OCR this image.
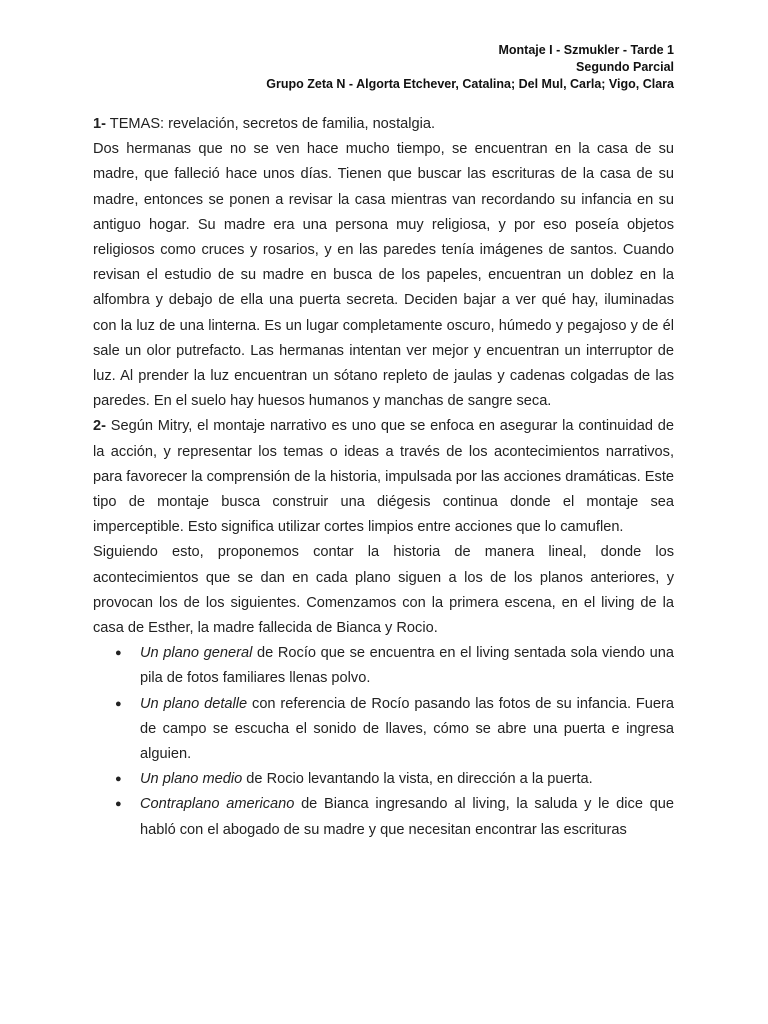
Montaje I - Szmukler - Tarde 1
Segundo Parcial
Grupo Zeta N - Algorta Etchever, Catalina; Del Mul, Carla; Vigo, Clara

1- TEMAS: revelación, secretos de familia, nostalgia.

Dos hermanas que no se ven hace mucho tiempo, se encuentran en la casa de su madre, que falleció hace unos días. Tienen que buscar las escrituras de la casa de su madre, entonces se ponen a revisar la casa mientras van recordando su infancia en su antiguo hogar. Su madre era una persona muy religiosa, y por eso poseía objetos religiosos como cruces y rosarios, y en las paredes tenía imágenes de santos. Cuando revisan el estudio de su madre en busca de los papeles, encuentran un doblez en la alfombra y debajo de ella una puerta secreta. Deciden bajar a ver qué hay, iluminadas con la luz de una linterna. Es un lugar completamente oscuro, húmedo y pegajoso y de él sale un olor putrefacto. Las hermanas intentan ver mejor y encuentran un interruptor de luz. Al prender la luz encuentran un sótano repleto de jaulas y cadenas colgadas de las paredes. En el suelo hay huesos humanos y manchas de sangre seca.

2- Según Mitry, el montaje narrativo es uno que se enfoca en asegurar la continuidad de la acción, y representar los temas o ideas a través de los acontecimientos narrativos, para favorecer la comprensión de la historia, impulsada por las acciones dramáticas. Este tipo de montaje busca construir una diégesis continua donde el montaje sea imperceptible. Esto significa utilizar cortes limpios entre acciones que lo camuflen.

Siguiendo esto, proponemos contar la historia de manera lineal, donde los acontecimientos que se dan en cada plano siguen a los de los planos anteriores, y provocan los de los siguientes. Comenzamos con la primera escena, en el living de la casa de Esther, la madre fallecida de Bianca y Rocio.

● Un plano general de Rocío que se encuentra en el living sentada sola viendo una pila de fotos familiares llenas polvo.
● Un plano detalle con referencia de Rocío pasando las fotos de su infancia. Fuera de campo se escucha el sonido de llaves, cómo se abre una puerta e ingresa alguien.
● Un plano medio de Rocio levantando la vista, en dirección a la puerta.
● Contraplano americano de Bianca ingresando al living, la saluda y le dice que habló con el abogado de su madre y que necesitan encontrar las escrituras
